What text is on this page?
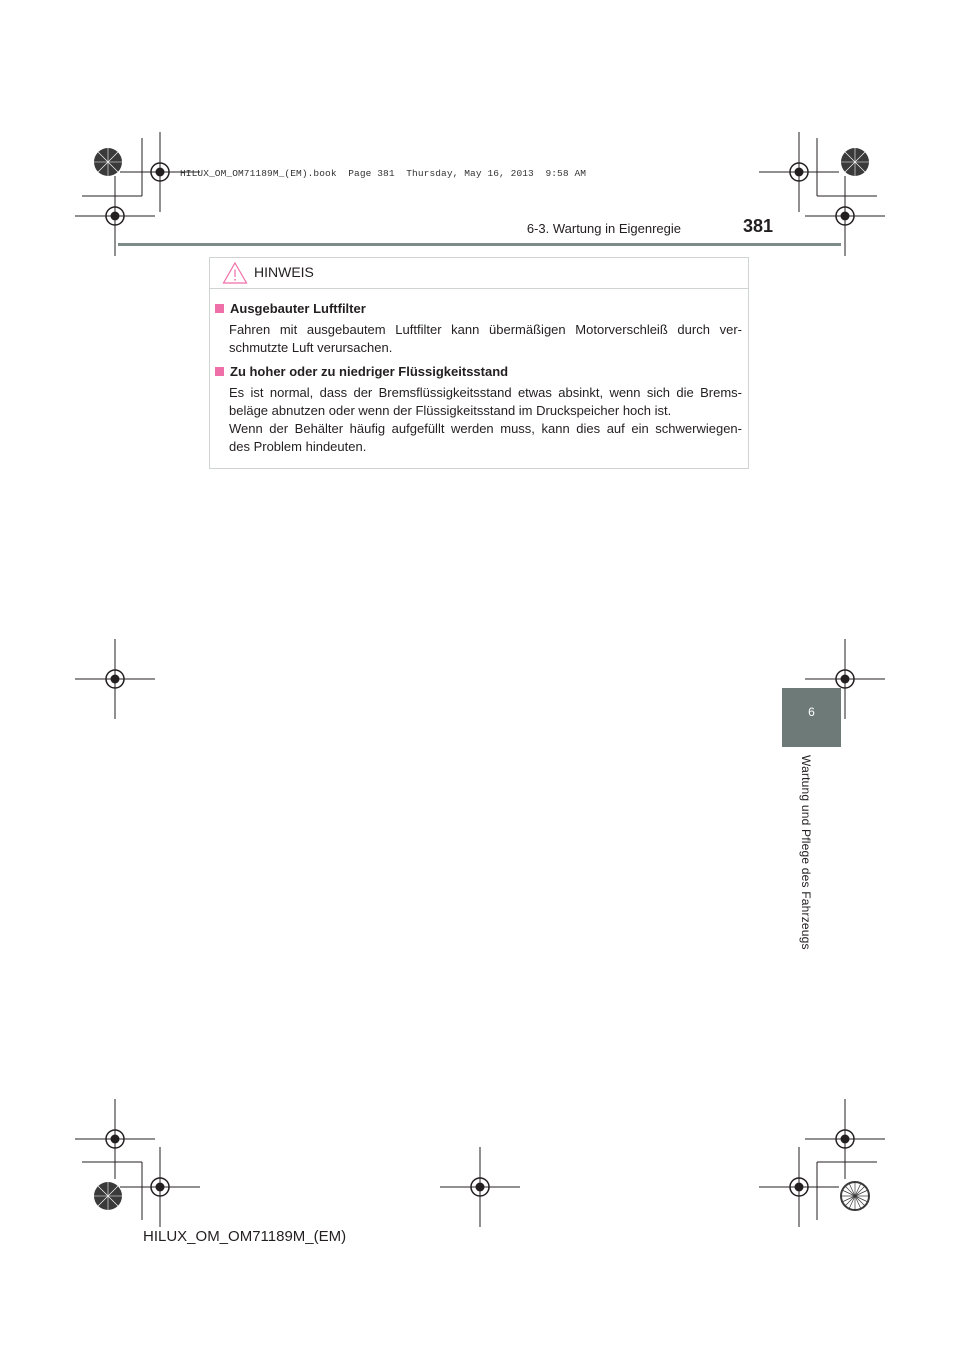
HILUX_OM_OM71189M_(EM).book  Page 381  Thursday, May 16, 2013  9:58 AM
6-3. Wartung in Eigenregie	381
HINWEIS
Ausgebauter Luftfilter
Fahren mit ausgebautem Luftfilter kann übermäßigen Motorverschleiß durch ver-
schmutzte Luft verursachen.
Zu hoher oder zu niedriger Flüssigkeitsstand
Es ist normal, dass der Bremsflüssigkeitsstand etwas absinkt, wenn sich die Brems-
beläge abnutzen oder wenn der Flüssigkeitsstand im Druckspeicher hoch ist.
Wenn der Behälter häufig aufgefüllt werden muss, kann dies auf ein schwerwiegen-
des Problem hindeuten.
6
Wartung und Pflege des Fahrzeugs
HILUX_OM_OM71189M_(EM)
